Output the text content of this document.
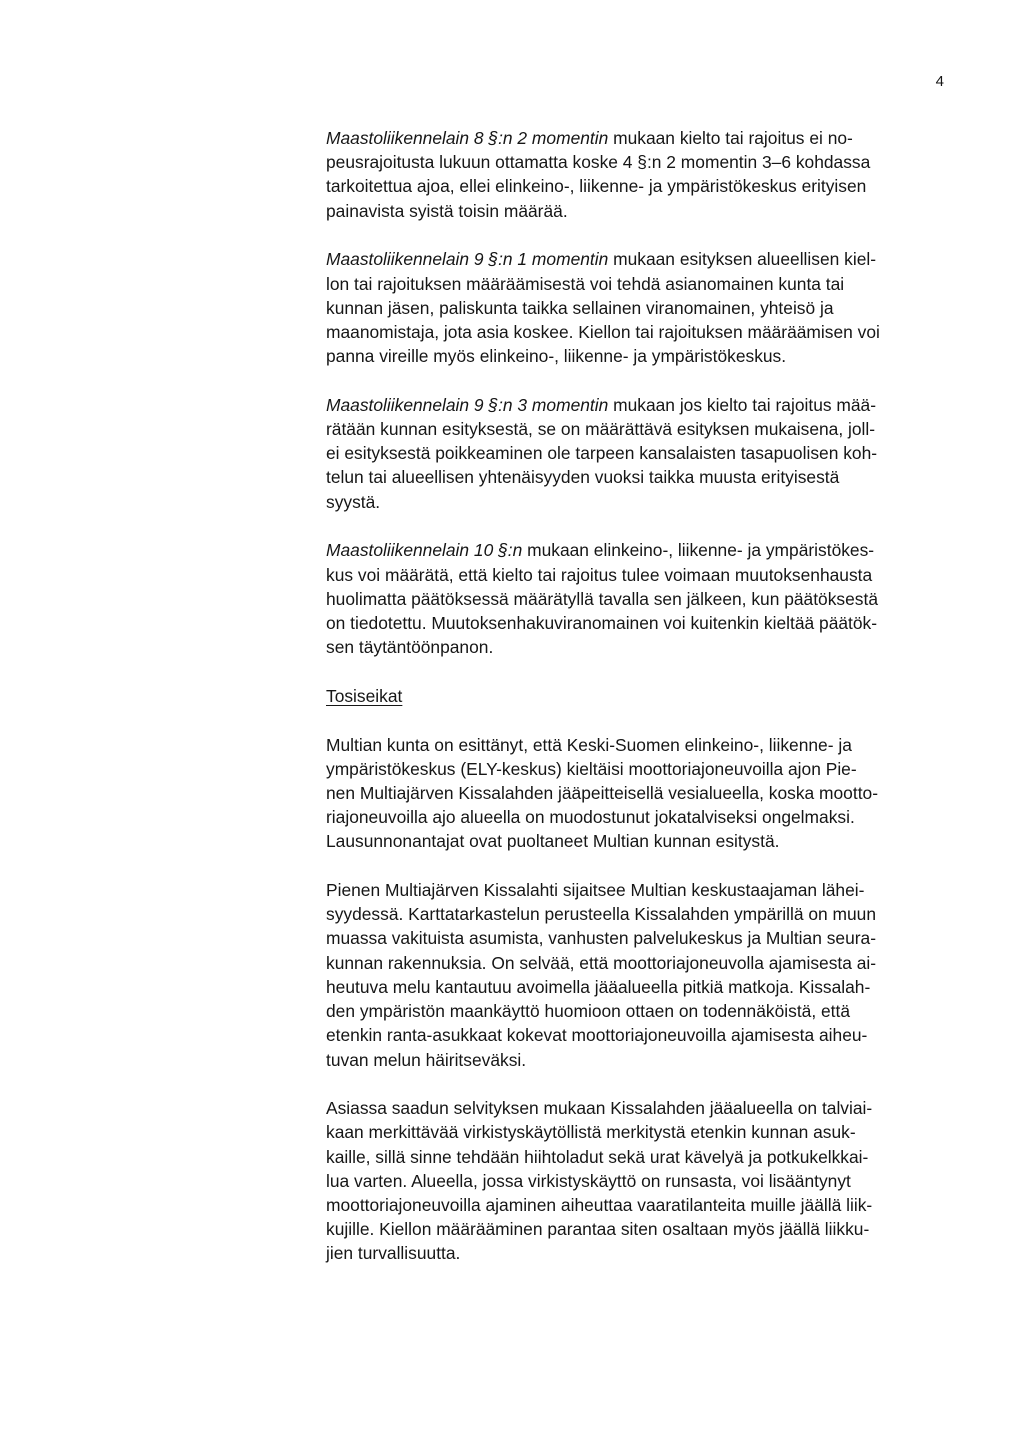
4

Maastoliikennelain 8 §:n 2 momentin mukaan kielto tai rajoitus ei no-
peusrajoitusta lukuun ottamatta koske 4 §:n 2 momentin 3–6 kohdassa
tarkoitettua ajoa, ellei elinkeino-, liikenne- ja ympäristökeskus erityisen
painavista syistä toisin määrää.

Maastoliikennelain 9 §:n 1 momentin mukaan esityksen alueellisen kiel-
lon tai rajoituksen määräämisestä voi tehdä asianomainen kunta tai
kunnan jäsen, paliskunta taikka sellainen viranomainen, yhteisö ja
maanomistaja, jota asia koskee. Kiellon tai rajoituksen määräämisen voi
panna vireille myös elinkeino-, liikenne- ja ympäristökeskus.

Maastoliikennelain 9 §:n 3 momentin mukaan jos kielto tai rajoitus mää-
rätään kunnan esityksestä, se on määrättävä esityksen mukaisena, joll-
ei esityksestä poikkeaminen ole tarpeen kansalaisten tasapuolisen koh-
telun tai alueellisen yhtenäisyyden vuoksi taikka muusta erityisestä
syystä.

Maastoliikennelain 10 §:n mukaan elinkeino-, liikenne- ja ympäristökes-
kus voi määrätä, että kielto tai rajoitus tulee voimaan muutoksenhausta
huolimatta päätöksessä määrätyllä tavalla sen jälkeen, kun päätöksestä
on tiedotettu. Muutoksenhakuviranomainen voi kuitenkin kieltää päätök-
sen täytäntöönpanon.

Tosiseikat

Multian kunta on esittänyt, että Keski-Suomen elinkeino-, liikenne- ja
ympäristökeskus (ELY-keskus) kieltäisi moottoriajoneuvoilla ajon Pie-
nen Multiajärven Kissalahden jääpeitteisellä vesialueella, koska mootto-
riajoneuvoilla ajo alueella on muodostunut jokatalviseksi ongelmaksi.
Lausunnonantajat ovat puoltaneet Multian kunnan esitystä.

Pienen Multiajärven Kissalahti sijaitsee Multian keskustaajaman lähei-
syydessä. Karttatarkastelun perusteella Kissalahden ympärillä on muun
muassa vakituista asumista, vanhusten palvelukeskus ja Multian seura-
kunnan rakennuksia. On selvää, että moottoriajoneuvolla ajamisesta ai-
heutuva melu kantautuu avoimella jääalueella pitkiä matkoja. Kissalah-
den ympäristön maankäyttö huomioon ottaen on todennäköistä, että
etenkin ranta-asukkaat kokevat moottoriajoneuvoilla ajamisesta aiheu-
tuvan melun häiritseväksi.

Asiassa saadun selvityksen mukaan Kissalahden jääalueella on talviai-
kaan merkittävää virkistyskäytöllistä merkitystä etenkin kunnan asuk-
kaille, sillä sinne tehdään hiihtoladut sekä urat kävelyä ja potkukelkkai-
lua varten. Alueella, jossa virkistyskäyttö on runsasta, voi lisääntynyt
moottoriajoneuvoilla ajaminen aiheuttaa vaaratilanteita muille jäällä liik-
kujille. Kiellon määrääminen parantaa siten osaltaan myös jäällä liikku-
jien turvallisuutta.
